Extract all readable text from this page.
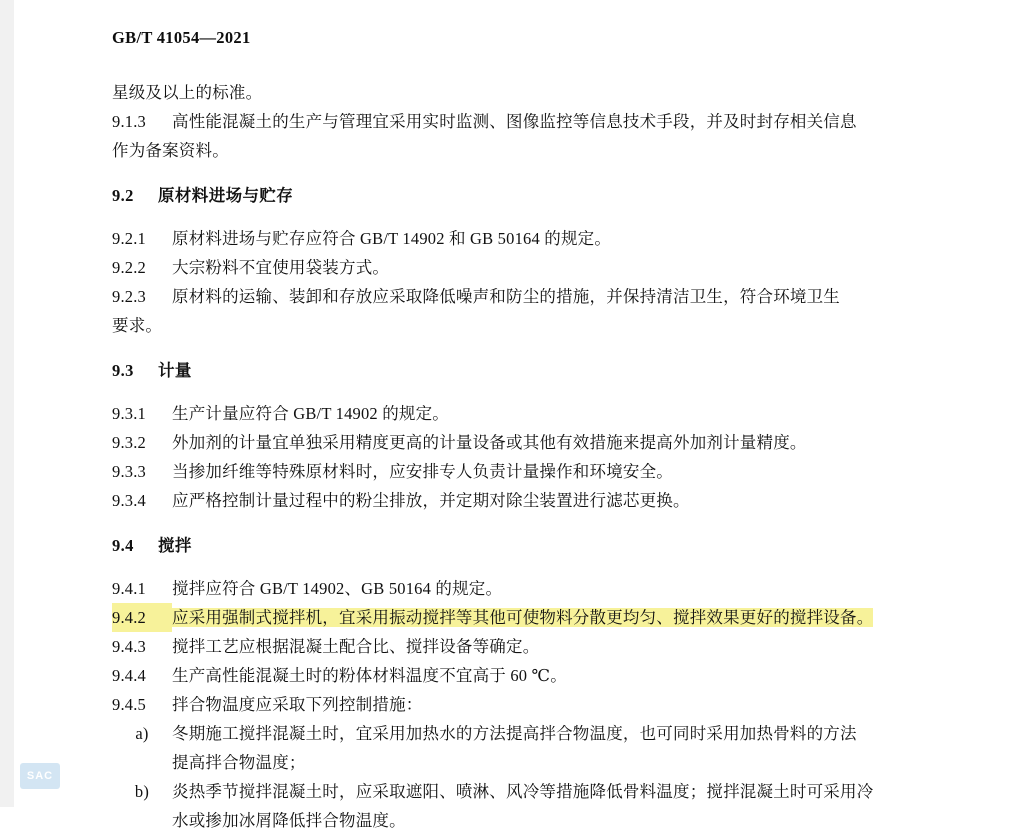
GB/T 41054—2021

星级及以上的标准。

9.1.3 高性能混凝土的生产与管理宜采用实时监测、图像监控等信息技术手段，并及时封存相关信息

作为备案资料。

9.2 原材料进场与贮存

9.2.1 原材料进场与贮存应符合 GB/T 14902 和 GB 50164 的规定。

9.2.2 大宗粉料不宜使用袋装方式。

9.2.3 原材料的运输、装卸和存放应采取降低噪声和防尘的措施，并保持清洁卫生，符合环境卫生

要求。

9.3 计量

9.3.1 生产计量应符合 GB/T 14902 的规定。

9.3.2 外加剂的计量宜单独采用精度更高的计量设备或其他有效措施来提高外加剂计量精度。

9.3.3 当掺加纤维等特殊原材料时，应安排专人负责计量操作和环境安全。

9.3.4 应严格控制计量过程中的粉尘排放，并定期对除尘装置进行滤芯更换。

9.4 搅拌

9.4.1 搅拌应符合 GB/T 14902、GB 50164 的规定。

9.4.2 应采用强制式搅拌机，宜采用振动搅拌等其他可使物料分散更均匀、搅拌效果更好的搅拌设备。

9.4.3 搅拌工艺应根据混凝土配合比、搅拌设备等确定。

9.4.4 生产高性能混凝土时的粉体材料温度不宜高于 60 ℃。

9.4.5 拌合物温度应采取下列控制措施：

a) 冬期施工搅拌混凝土时，宜采用加热水的方法提高拌合物温度，也可同时采用加热骨料的方法

提高拌合物温度；

b) 炎热季节搅拌混凝土时，应采取遮阳、喷淋、风冷等措施降低骨料温度；搅拌混凝土时可采用冷

水或掺加冰屑降低拌合物温度。

SAC
